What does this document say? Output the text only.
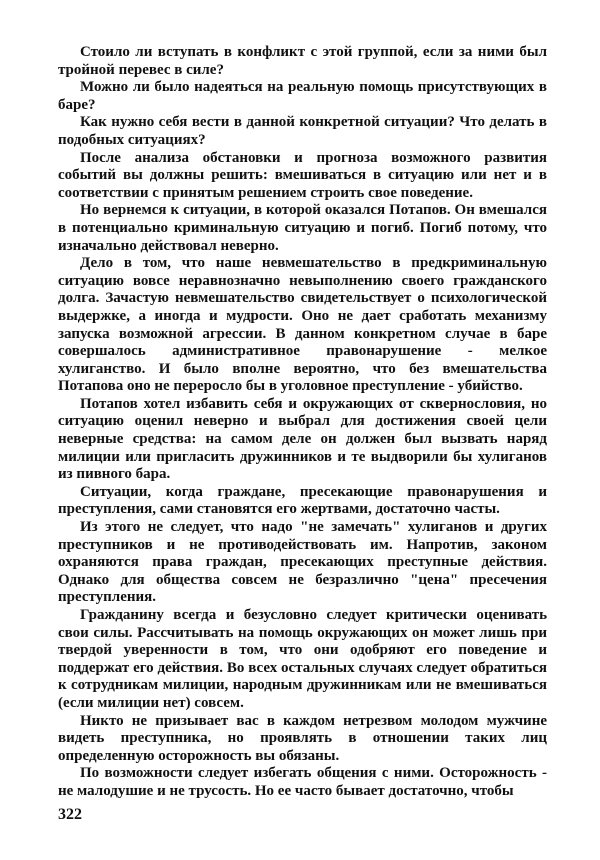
Стоило ли вступать в конфликт с этой группой, если за ними был тройной перевес в силе?

Можно ли было надеяться на реальную помощь присутствующих в баре?

Как нужно себя вести в данной конкретной ситуации? Что делать в подобных ситуациях?

После анализа обстановки и прогноза возможного развития событий вы должны решить: вмешиваться в ситуацию или нет и в соответствии с принятым решением строить свое поведение.

Но вернемся к ситуации, в которой оказался Потапов. Он вмешался в потенциально криминальную ситуацию и погиб. Погиб потому, что изначально действовал неверно.

Дело в том, что наше невмешательство в предкриминальную ситуацию вовсе неравнозначно невыполнению своего гражданского долга. Зачастую невмешательство свидетельствует о психологической выдержке, а иногда и мудрости. Оно не дает сработать механизму запуска возможной агрессии. В данном конкретном случае в баре совершалось административное правонарушение - мелкое хулиганство. И было вполне вероятно, что без вмешательства Потапова оно не переросло бы в уголовное преступление - убийство.

Потапов хотел избавить себя и окружающих от сквернословия, но ситуацию оценил неверно и выбрал для достижения своей цели неверные средства: на самом деле он должен был вызвать наряд милиции или пригласить дружинников и те выдворили бы хулиганов из пивного бара.

Ситуации, когда граждане, пресекающие правонарушения и преступления, сами становятся его жертвами, достаточно часты.

Из этого не следует, что надо "не замечать" хулиганов и других преступников и не противодействовать им. Напротив, законом охраняются права граждан, пресекающих преступные действия. Однако для общества совсем не безразлично "цена" пресечения преступления.

Гражданину всегда и безусловно следует критически оценивать свои силы. Рассчитывать на помощь окружающих он может лишь при твердой уверенности в том, что они одобряют его поведение и поддержат его действия. Во всех остальных случаях следует обратиться к сотрудникам милиции, народным дружинникам или не вмешиваться (если милиции нет) совсем.

Никто не призывает вас в каждом нетрезвом молодом мужчине видеть преступника, но проявлять в отношении таких лиц определенную осторожность вы обязаны.

По возможности следует избегать общения с ними. Осторожность - не малодушие и не трусость. Но ее часто бывает достаточно, чтобы

322
